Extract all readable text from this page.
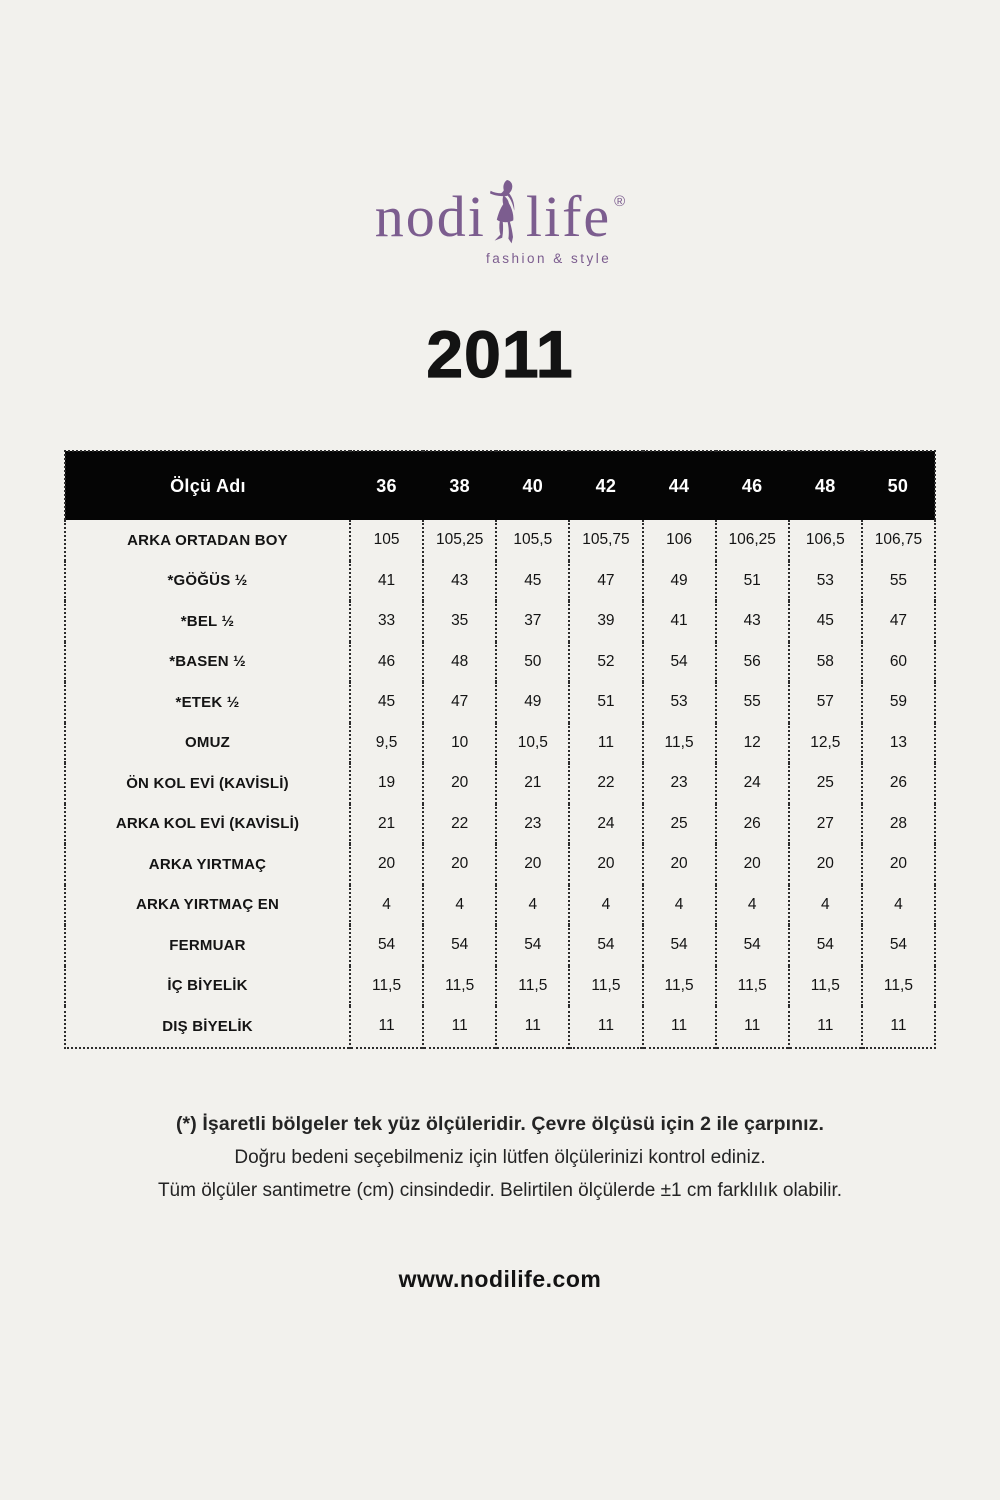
nodi life ®
fashion & style
2011
Ölçü Adı	36	38	40	42	44	46	48	50
ARKA ORTADAN BOY	105	105,25	105,5	105,75	106	106,25	106,5	106,75
*GÖĞÜS ½	41	43	45	47	49	51	53	55
*BEL ½	33	35	37	39	41	43	45	47
*BASEN ½	46	48	50	52	54	56	58	60
*ETEK ½	45	47	49	51	53	55	57	59
OMUZ	9,5	10	10,5	11	11,5	12	12,5	13
ÖN KOL EVİ (KAVİSLİ)	19	20	21	22	23	24	25	26
ARKA KOL EVİ (KAVİSLİ)	21	22	23	24	25	26	27	28
ARKA YIRTMAÇ	20	20	20	20	20	20	20	20
ARKA YIRTMAÇ EN	4	4	4	4	4	4	4	4
FERMUAR	54	54	54	54	54	54	54	54
İÇ BİYELİK	11,5	11,5	11,5	11,5	11,5	11,5	11,5	11,5
DIŞ BİYELİK	11	11	11	11	11	11	11	11

(*) İşaretli bölgeler tek yüz ölçüleridir. Çevre ölçüsü için 2 ile çarpınız.

Doğru bedeni seçebilmeniz için lütfen ölçülerinizi kontrol ediniz.

Tüm ölçüler santimetre (cm) cinsindedir. Belirtilen ölçülerde ±1 cm farklılık olabilir.

www.nodilife.com
